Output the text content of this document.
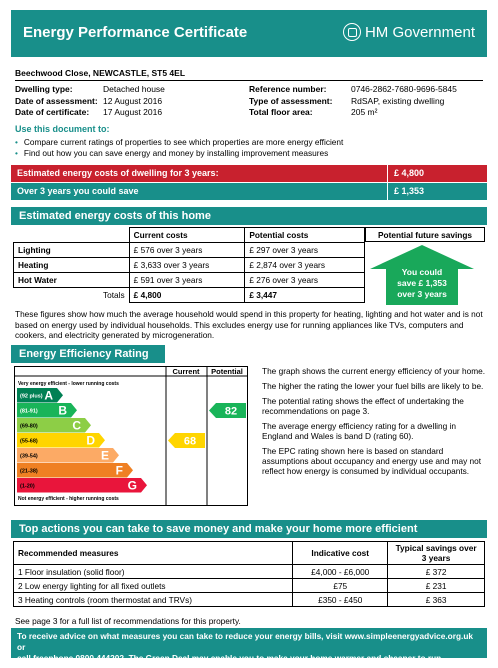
Energy Performance Certificate	HM Government
Beechwood Close, NEWCASTLE, ST5 4EL
Dwelling type:	Detached house
Date of assessment: 12 August 2016
Date of certificate:	17 August 2016
Reference number:	0746-2862-7680-9696-5845
Type of assessment:	RdSAP, existing dwelling
Total floor area:	205 m²
Use this document to:
• Compare current ratings of properties to see which properties are more energy efficient
• Find out how you can save energy and money by installing improvement measures
Estimated energy costs of dwelling for 3 years:	£ 4,800
Over 3 years you could save	£ 1,353
Estimated energy costs of this home
	Current costs	Potential costs
Lighting	£ 576 over 3 years	£ 297 over 3 years
Heating	£ 3,633 over 3 years	£ 2,874 over 3 years
Hot Water	£ 591 over 3 years	£ 276 over 3 years
Totals	£ 4,800	£ 3,447
Potential future savings
You could
save £ 1,353
over 3 years
These figures show how much the average household would spend in this property for heating, lighting and hot water and is not based on energy used by individual households. This excludes energy use for running appliances like TVs, computers and cookers, and electricity generated by microgeneration.
Energy Efficiency Rating
Current Potential
Very energy efficient - lower running costs
Not energy efficient - higher running costs
(92 plus) A
(81-91) B
(69-80)	C
(55-68)	D
(39-54)	E
(21-38)	F
(1-20)	G
68
82

The graph shows the current energy efficiency of your home.

The higher the rating the lower your fuel bills are likely to be.

The potential rating shows the effect of undertaking the recommendations on page 3.

The average energy efficiency rating for a dwelling in England and Wales is band D (rating 60).

The EPC rating shown here is based on standard assumptions about occupancy and energy use and may not reflect how energy is consumed by individual occupants.

Top actions you can take to save money and make your home more efficient
Recommended measures	Indicative cost	Typical savings over 3 years
1 Floor insulation (solid floor)	£4,000 - £6,000	£ 372
2 Low energy lighting for all fixed outlets	£75	£ 231
3 Heating controls (room thermostat and TRVs)	£350 - £450	£ 363
See page 3 for a full list of recommendations for this property.
To receive advice on what measures you can take to reduce your energy bills, visit www.simpleenergyadvice.org.uk or
call freephone 0800 444202. The Green Deal may enable you to make your home warmer and cheaper to run.
